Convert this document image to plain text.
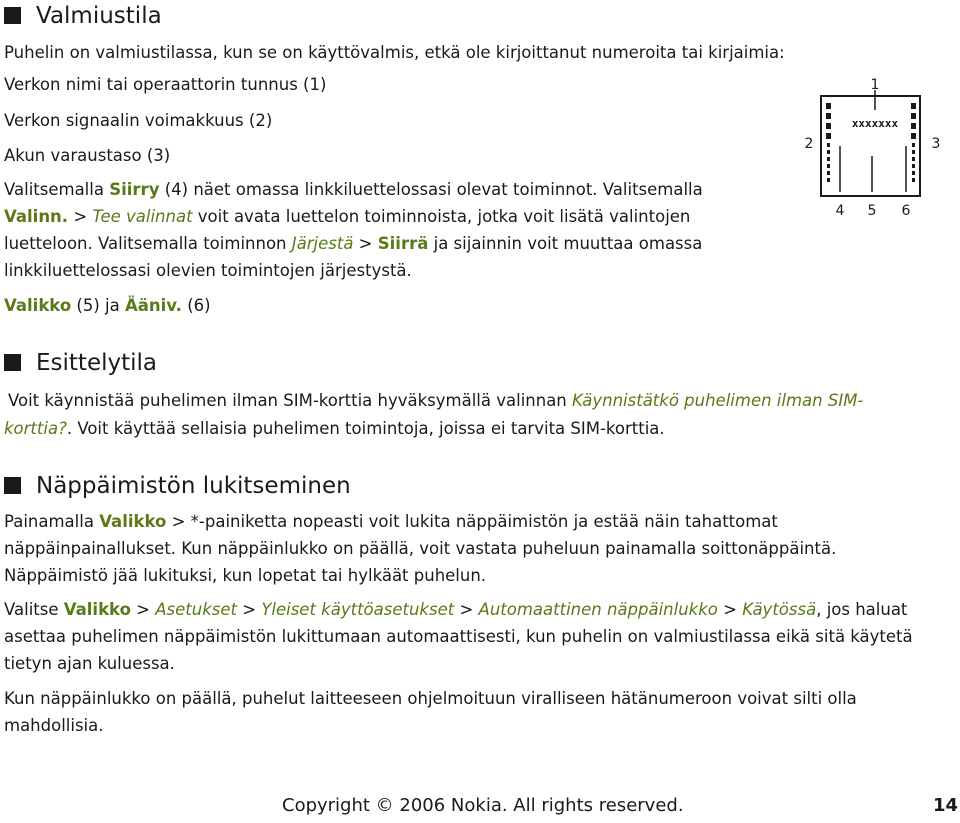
Valmiustila
Puhelin on valmiustilassa, kun se on käyttövalmis, etkä ole kirjoittanut numeroita tai kirjaimia:
Verkon nimi tai operaattorin tunnus (1)
Verkon signaalin voimakkuus (2)
Akun varaustaso (3)
Valitsemalla Siirry (4) näet omassa linkkiluettelossasi olevat toiminnot. Valitsemalla
Valinn. > Tee valinnat voit avata luettelon toiminnoista, jotka voit lisätä valintojen
luetteloon. Valitsemalla toiminnon Järjestä > Siirrä ja sijainnin voit muuttaa omassa
linkkiluettelossasi olevien toimintojen järjestystä.
Valikko (5) ja Ääniv. (6)
xxxxxxx
1
2	3
4 5 6
Esittelytila
Voit käynnistää puhelimen ilman SIM-korttia hyväksymällä valinnan Käynnistätkö puhelimen ilman SIM-
korttia?. Voit käyttää sellaisia puhelimen toimintoja, joissa ei tarvita SIM-korttia.
Näppäimistön lukitseminen
Painamalla Valikko > *-painiketta nopeasti voit lukita näppäimistön ja estää näin tahattomat
näppäinpainallukset. Kun näppäinlukko on päällä, voit vastata puheluun painamalla soittonäppäintä.
Näppäimistö jää lukituksi, kun lopetat tai hylkäät puhelun.
Valitse Valikko > Asetukset > Yleiset käyttöasetukset > Automaattinen näppäinlukko > Käytössä, jos haluat
asettaa puhelimen näppäimistön lukittumaan automaattisesti, kun puhelin on valmiustilassa eikä sitä käytetä
tietyn ajan kuluessa.
Kun näppäinlukko on päällä, puhelut laitteeseen ohjelmoituun viralliseen hätänumeroon voivat silti olla
mahdollisia.
Copyright © 2006 Nokia. All rights reserved.	14
